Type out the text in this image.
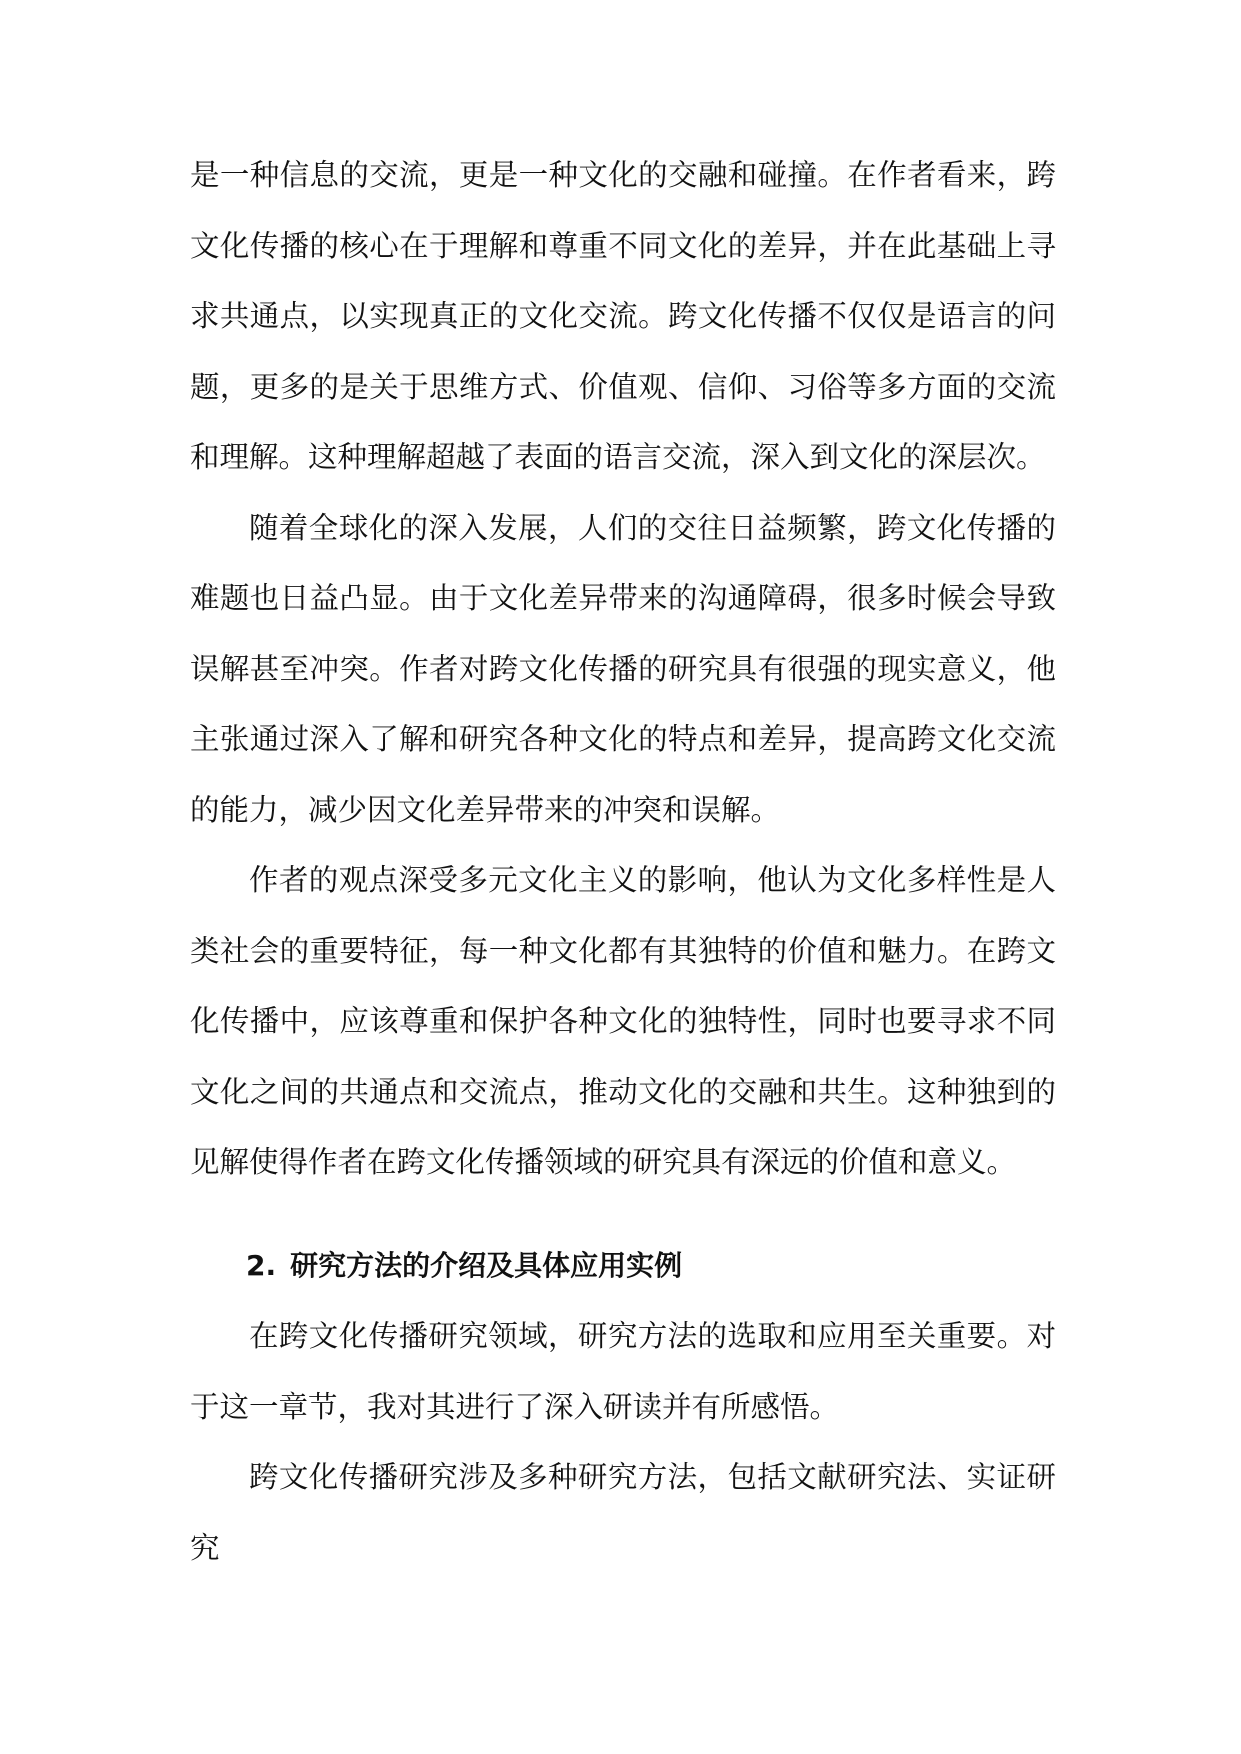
是一种信息的交流，更是一种文化的交融和碰撞。在作者看来，跨文化传播的核心在于理解和尊重不同文化的差异，并在此基础上寻求共通点，以实现真正的文化交流。跨文化传播不仅仅是语言的问题，更多的是关于思维方式、价值观、信仰、习俗等多方面的交流和理解。这种理解超越了表面的语言交流，深入到文化的深层次。

随着全球化的深入发展，人们的交往日益频繁，跨文化传播的难题也日益凸显。由于文化差异带来的沟通障碍，很多时候会导致误解甚至冲突。作者对跨文化传播的研究具有很强的现实意义，他主张通过深入了解和研究各种文化的特点和差异，提高跨文化交流的能力，减少因文化差异带来的冲突和误解。

作者的观点深受多元文化主义的影响，他认为文化多样性是人类社会的重要特征，每一种文化都有其独特的价值和魅力。在跨文化传播中，应该尊重和保护各种文化的独特性，同时也要寻求不同文化之间的共通点和交流点，推动文化的交融和共生。这种独到的见解使得作者在跨文化传播领域的研究具有深远的价值和意义。

2. 研究方法的介绍及具体应用实例

在跨文化传播研究领域，研究方法的选取和应用至关重要。对于这一章节，我对其进行了深入研读并有所感悟。

跨文化传播研究涉及多种研究方法，包括文献研究法、实证研究
